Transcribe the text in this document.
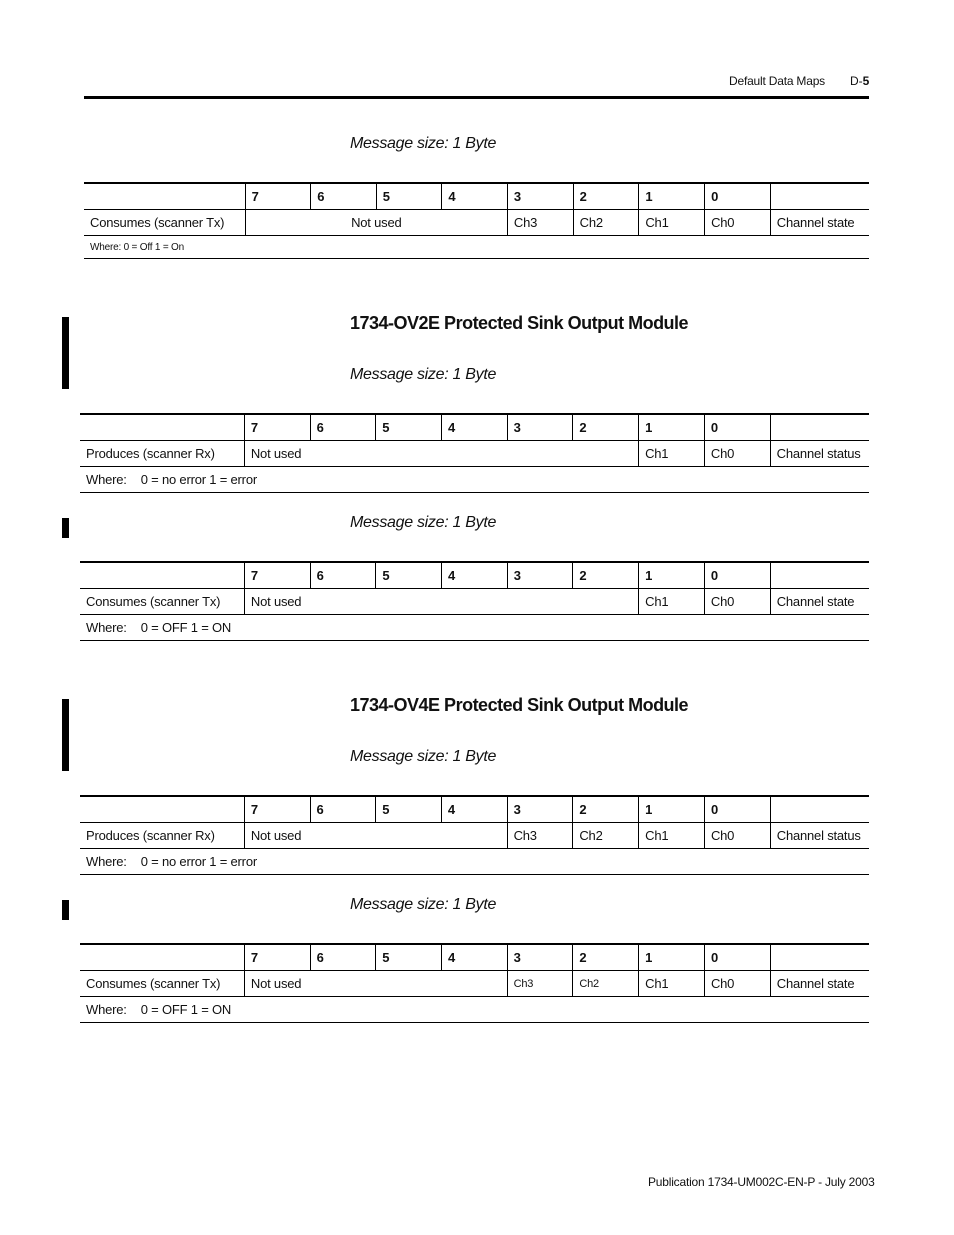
Default Data Maps D-5
Message size: 1 Byte
	7	6	5	4	3	2	1	0	
Consumes (scanner Tx)	Not used				Ch3	Ch2	Ch1	Ch0	Channel state
Where: 0 = Off 1 = On									
1734-OV2E Protected Sink Output Module
Message size: 1 Byte
	7	6	5	4	3	2	1	0	
Produces (scanner Rx)	Not used						Ch1	Ch0	Channel status
Where: 0 = no error 1 = error									
Message size: 1 Byte
	7	6	5	4	3	2	1	0	
Consumes (scanner Tx)	Not used						Ch1	Ch0	Channel state
Where: 0 = OFF 1 = ON									
1734-OV4E Protected Sink Output Module
Message size: 1 Byte
	7	6	5	4	3	2	1	0	
Produces (scanner Rx)	Not used				Ch3	Ch2	Ch1	Ch0	Channel status
Where: 0 = no error 1 = error									
Message size: 1 Byte
	7	6	5	4	3	2	1	0	
Consumes (scanner Tx)	Not used				Ch3	Ch2	Ch1	Ch0	Channel state
Where: 0 = OFF 1 = ON									
Publication 1734-UM002C-EN-P - July 2003
